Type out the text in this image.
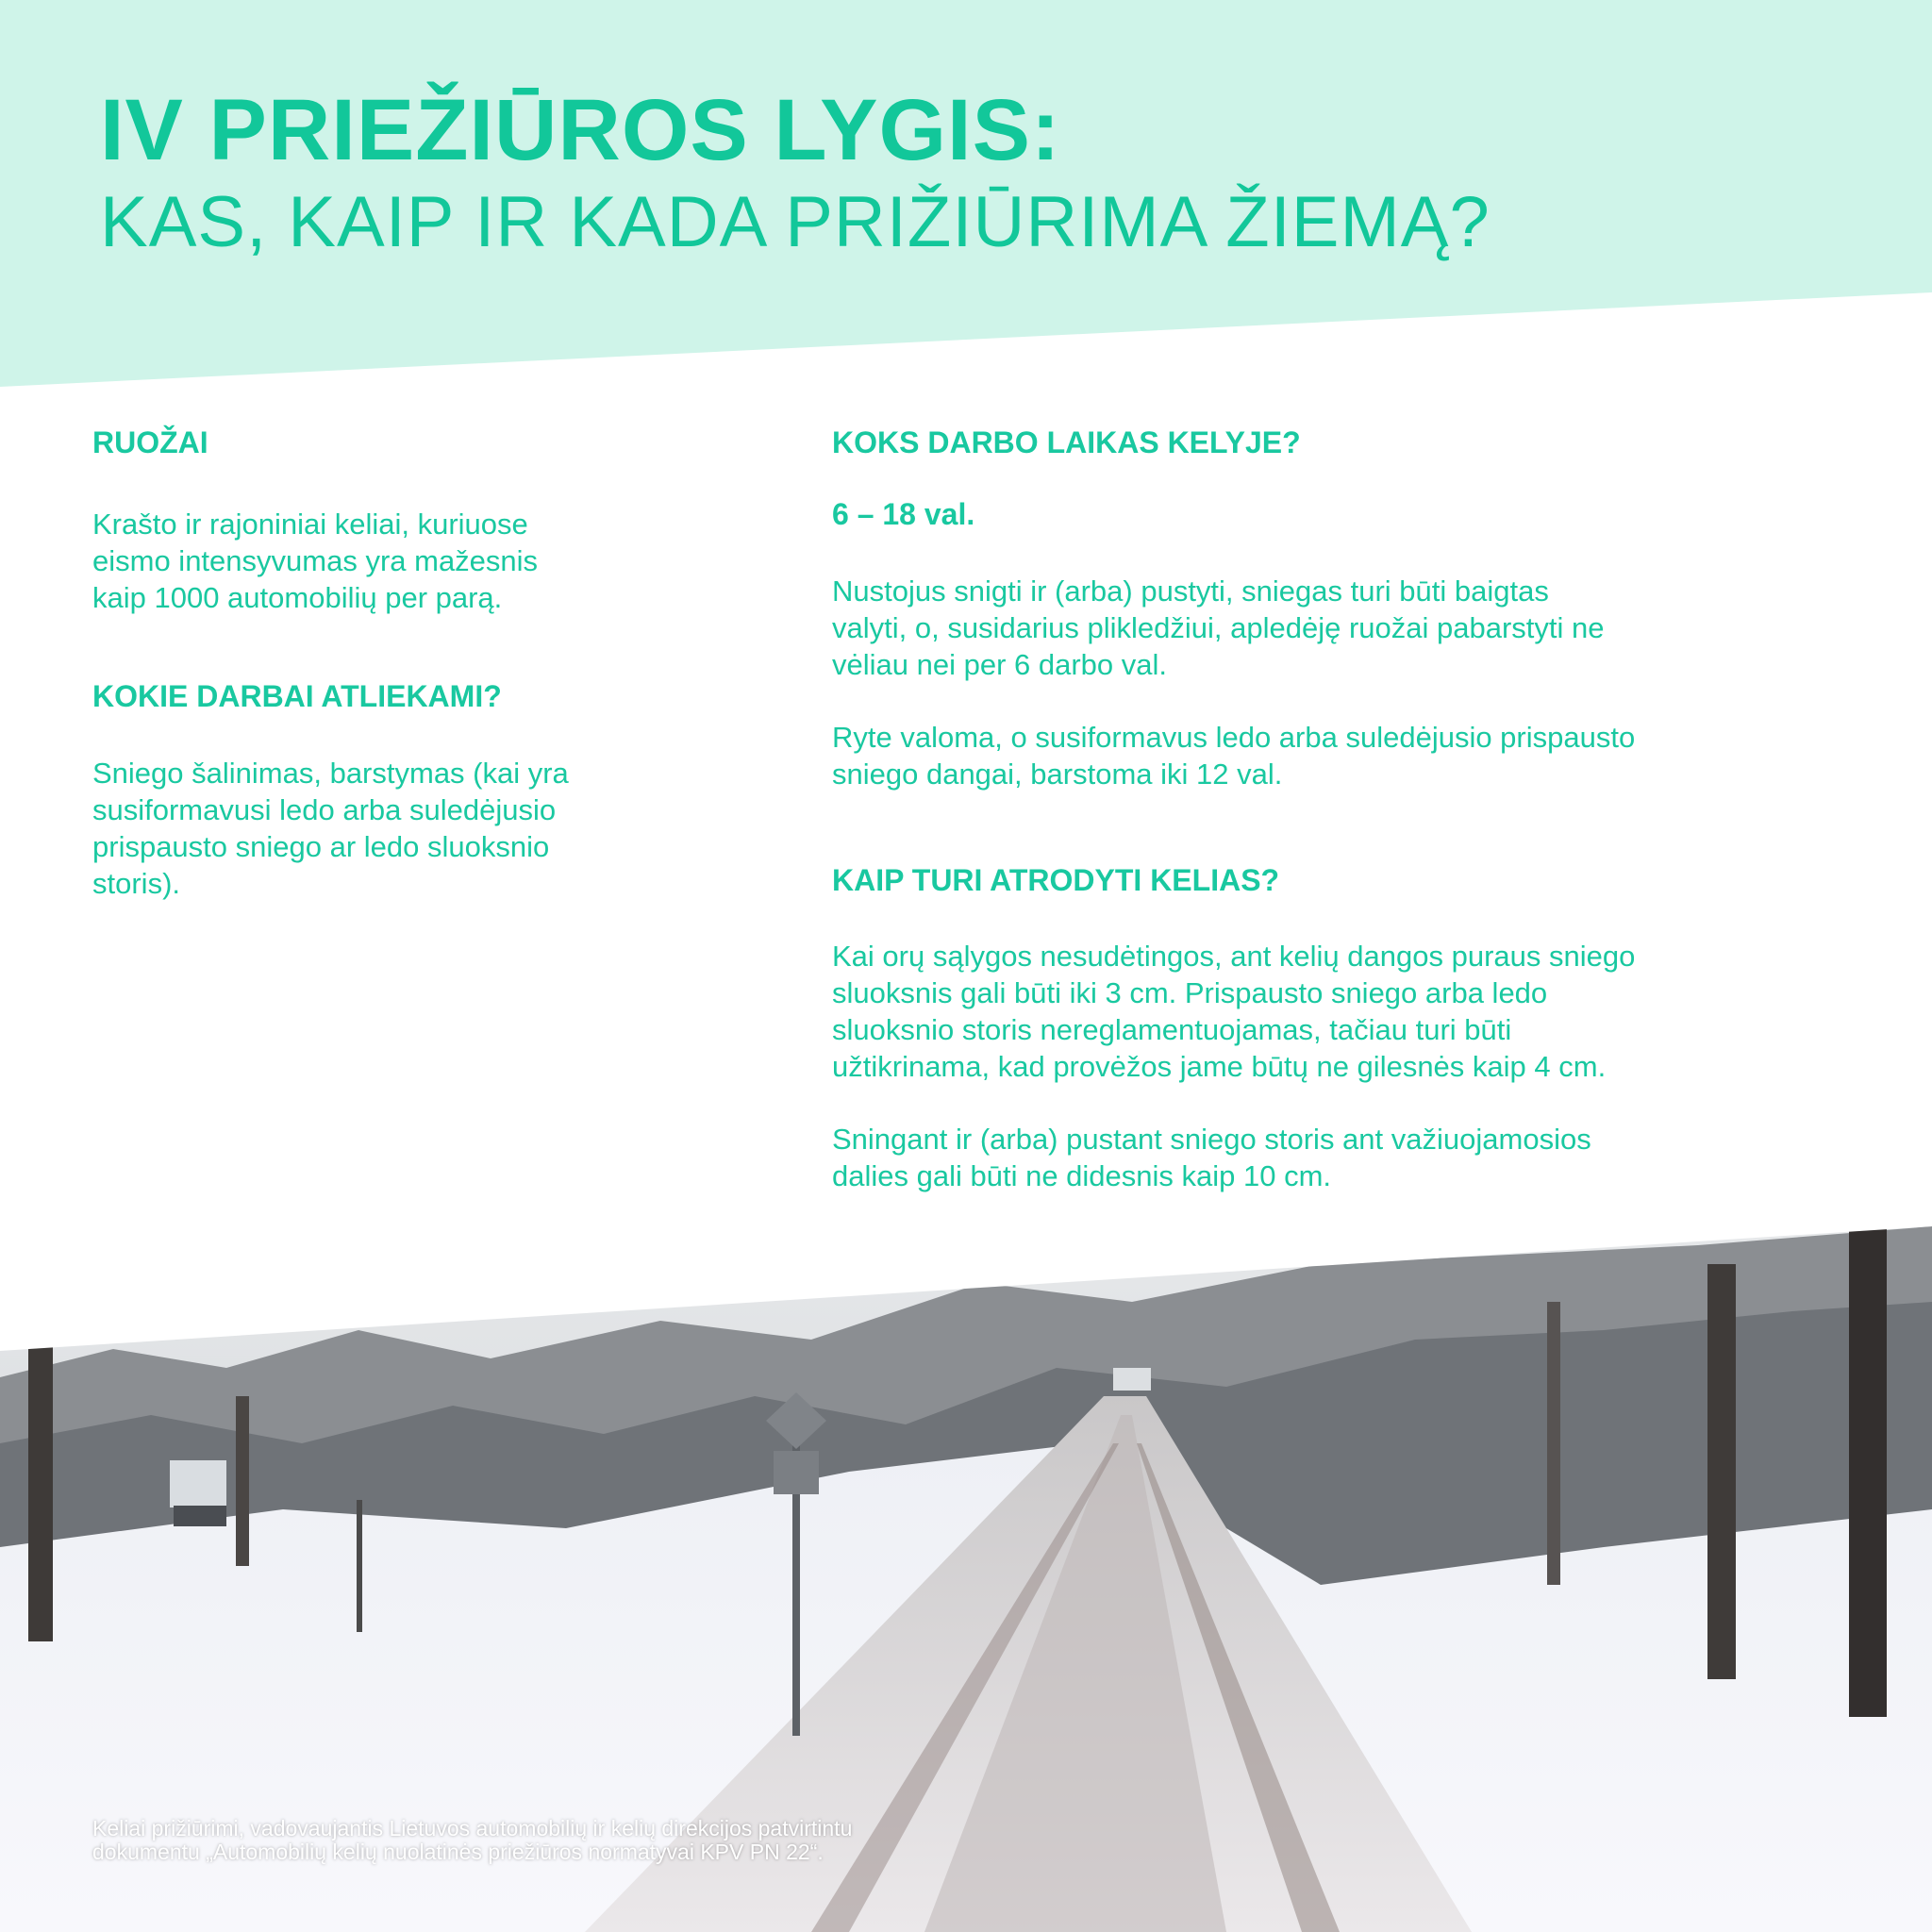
IV PRIEŽIŪROS LYGIS:
KAS, KAIP IR KADA PRIŽIŪRIMA ŽIEMĄ?
RUOŽAI

Krašto ir rajoniniai keliai, kuriuose
eismo intensyvumas yra mažesnis
kaip 1000 automobilių per parą.

KOKIE DARBAI ATLIEKAMI?

Sniego šalinimas, barstymas (kai yra
susiformavusi ledo arba suledėjusio
prispausto sniego ar ledo sluoksnio
storis).

KOKS DARBO LAIKAS KELYJE?
6 – 18 val.

Nustojus snigti ir (arba) pustyti, sniegas turi būti baigtas
valyti, o, susidarius plikledžiui, apledėję ruožai pabarstyti ne
vėliau nei per 6 darbo val.

Ryte valoma, o susiformavus ledo arba suledėjusio prispausto
sniego dangai, barstoma iki 12 val.

KAIP TURI ATRODYTI KELIAS?

Kai orų sąlygos nesudėtingos, ant kelių dangos puraus sniego
sluoksnis gali būti iki 3 cm. Prispausto sniego arba ledo
sluoksnio storis nereglamentuojamas, tačiau turi būti
užtikrinama, kad provėžos jame būtų ne gilesnės kaip 4 cm.

Sningant ir (arba) pustant sniego storis ant važiuojamosios
dalies gali būti ne didesnis kaip 10 cm.

Keliai prižiūrimi, vadovaujantis Lietuvos automobilių ir kelių direkcijos patvirtintu
dokumentu „Automobilių kelių nuolatinės priežiūros normatyvai KPV PN 22“.
